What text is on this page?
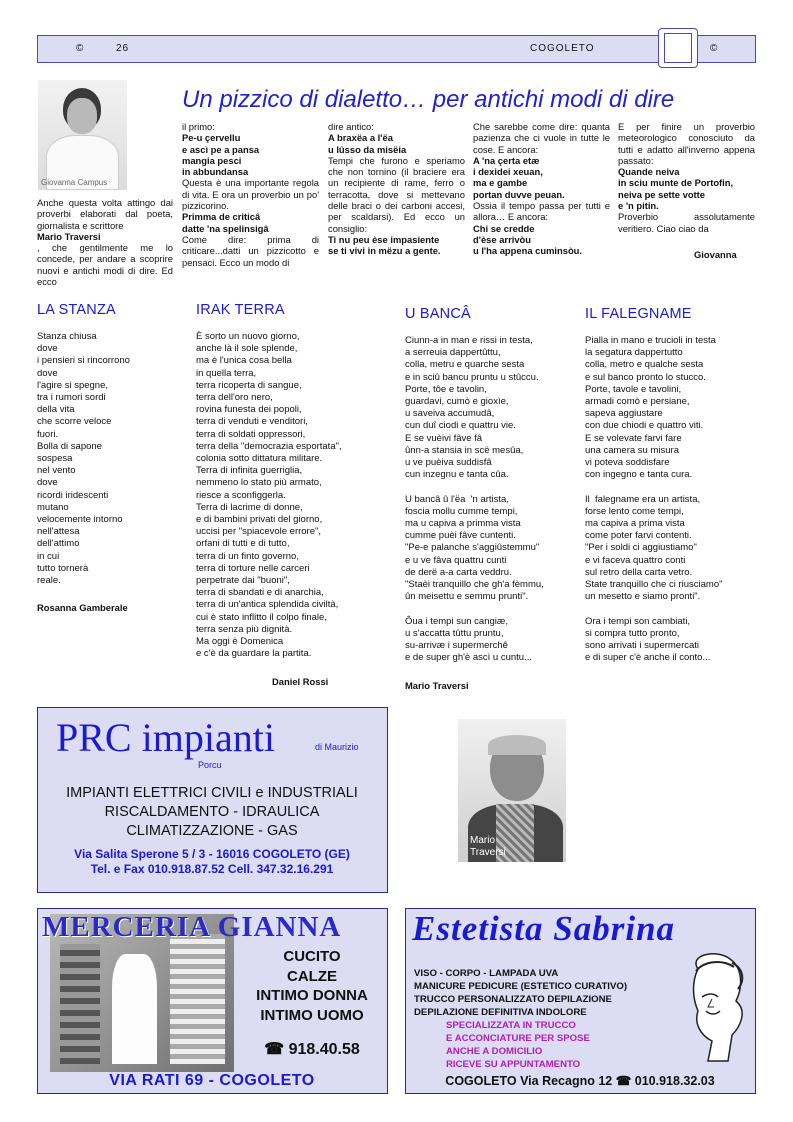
©	26	COGOLETO	©
Giovanna Campus
Un pizzico di dialetto… per antichi modi di dire
Anche questa volta attingo dai proverbi elaborati dal poeta, giornalista e scrittore
Mario Traversi
, che gentilmente me lo concede, per andare a scoprire nuovi e antichi modi di dire. Ed ecco
il primo:
Pe-u çervellu
e ascì pe a pansa
mangia pesci
in abbundansa
Questa è una importante regola di vita. E ora un proverbio un po' pizzicorino.
Primma de criticâ
datte 'na spelinsigâ
Come dire: prima di criticare...datti un pizzicotto e pensaci. Ecco un modo di
dire antico:
A braxëa a l'ëa
u lûsso da misëia
Tempi che furono e speriamo che non tornino (il braciere era un recipiente di rame, ferro o terracotta, dove si mettevano delle braci o dei carboni accesi, per scaldarsi). Ed ecco un consiglio:
Ti nu peu èse impasiente
se ti vivi in mëzu a gente.
Che sarebbe come dire: quanta pazienza che ci vuole in tutte le cose. E ancora:
A 'na çerta etæ
i dexidei xeuan,
ma e gambe
portan duvve peuan.
Ossia il tempo passa per tutti e allora… E ancora:
Chi se credde
d'èse arrivòu
u l'ha appena cuminsòu.
E per finire un proverbio meteorologico conosciuto da tutti e adatto all'inverno appena passato:
Quande neiva
in sciu munte de Portofin,
neiva pe sette votte
e 'n pitin.
Proverbio assolutamente veritiero. Ciao ciao da
Giovanna
LA STANZA
Stanza chiusa
dove
i pensieri si rincorrono
dove
l'agire si spegne,
tra i rumori sordi
della vita
che scorre veloce
fuori.
Bolla di sapone
sospesa
nel vento
dove
ricordi iridescenti
mutano
velocemente intorno
nell'attesa
dell'attimo
in cui
tutto tornerà
reale.
Rosanna Gamberale
IRAK TERRA
È sorto un nuovo giorno,
anche là il sole splende,
ma è l'unica cosa bella
in quella terra,
terra ricoperta di sangue,
terra dell'oro nero,
rovina funesta dei popoli,
terra di venduti e venditori,
terra di soldati oppressori,
terra della "democrazia esportata",
colonia sotto dittatura militare.
Terra di infinita guerriglia,
nemmeno lo stato più armato,
riesce a sconfiggerla.
Terra di lacrime di donne,
e di bambini privati del giorno,
uccisi per "spiacevole errore",
orfani di tutti e di tutto,
terra di un finto governo,
terra di torture nelle carceri
perpetrate dai "buoni",
terra di sbandati e di anarchia,
terra di un'antica splendida civiltà,
cui è stato inflitto il colpo finale,
terra senza più dignità.
Ma oggi è Domenica
e c'è da guardare la partita.
Daniel Rossi
U BANCÂ
Ciunn-a in man e rissi in testa,
a serreuia dappertûttu,
colla, metru e quarche sesta
e in sciû bancu pruntu u stûccu.
Porte, tôe e tavolin,
guardavi, cumò e gioxìe,
u saveiva accumudâ,
cun duî ciodi e quattru vie.
E se vuèivi fâve fâ
ûnn-a stansia in scë mesûa,
u ve puèiva suddisfâ
cun inzegnu e tanta cûa.

U bancâ û l'ëa  'n artista,
foscia mollu cumme tempi,
ma u capiva a primma vista
cumme puèi fâve cuntenti.
"Pe-e palanche s'aggiûstemmu"
e u ve fâva quattru cunti
de derë a-a carta veddru.
"Staèi tranquillo che gh'a fèmmu,
ûn meisettu e semmu prunti".

Ôua i tempi sun cangiæ,
u s'accatta tûttu pruntu,
su-arrivæ i supermerchê
e de super gh'è ascì u cuntu...
Mario Traversi
IL FALEGNAME
Pialla in mano e trucioli in testa
la segatura dappertutto
colla, metro e qualche sesta
e sul banco pronto lo stucco.
Porte, tavole e tavolini,
armadi comò e persiane,
sapeva aggiustare
con due chiodi e quattro viti.
E se volevate farvi fare
una camera su misura
vi poteva soddisfare
con ingegno e tanta cura.

Il  falegname era un artista,
forse lento come tempi,
ma capiva a prima vista
come poter farvi contenti.
"Per i soldi ci aggiustiamo"
e vi faceva quattro conti
sul retro della carta vetro.
State tranquillo che ci riusciamo"
un mesetto e siamo pronti".

Ora i tempi son cambiati,
si compra tutto pronto,
sono arrivati i supermercati
e di super c'è anche il conto...
PRC impianti	di Maurizio
Porcu
IMPIANTI ELETTRICI CIVILI e INDUSTRIALI
RISCALDAMENTO - IDRAULICA
CLIMATIZZAZIONE - GAS
Via Salita Sperone 5 / 3 - 16016 COGOLETO (GE)
Tel. e Fax 010.918.87.52 Cell. 347.32.16.291
Mario
Traversi
MERCERIA GIANNA
CUCITO
CALZE
INTIMO DONNA
INTIMO UOMO
☎ 918.40.58
VIA RATI 69 - COGOLETO
Estetista Sabrina
VISO - CORPO - LAMPADA UVA
MANICURE PEDICURE (ESTETICO CURATIVO)
TRUCCO PERSONALIZZATO DEPILAZIONE
DEPILAZIONE DEFINITIVA INDOLORE
SPECIALIZZATA IN TRUCCO
E ACCONCIATURE PER SPOSE
ANCHE A DOMICILIO
RICEVE SU APPUNTAMENTO
COGOLETO Via Recagno 12 ☎ 010.918.32.03
